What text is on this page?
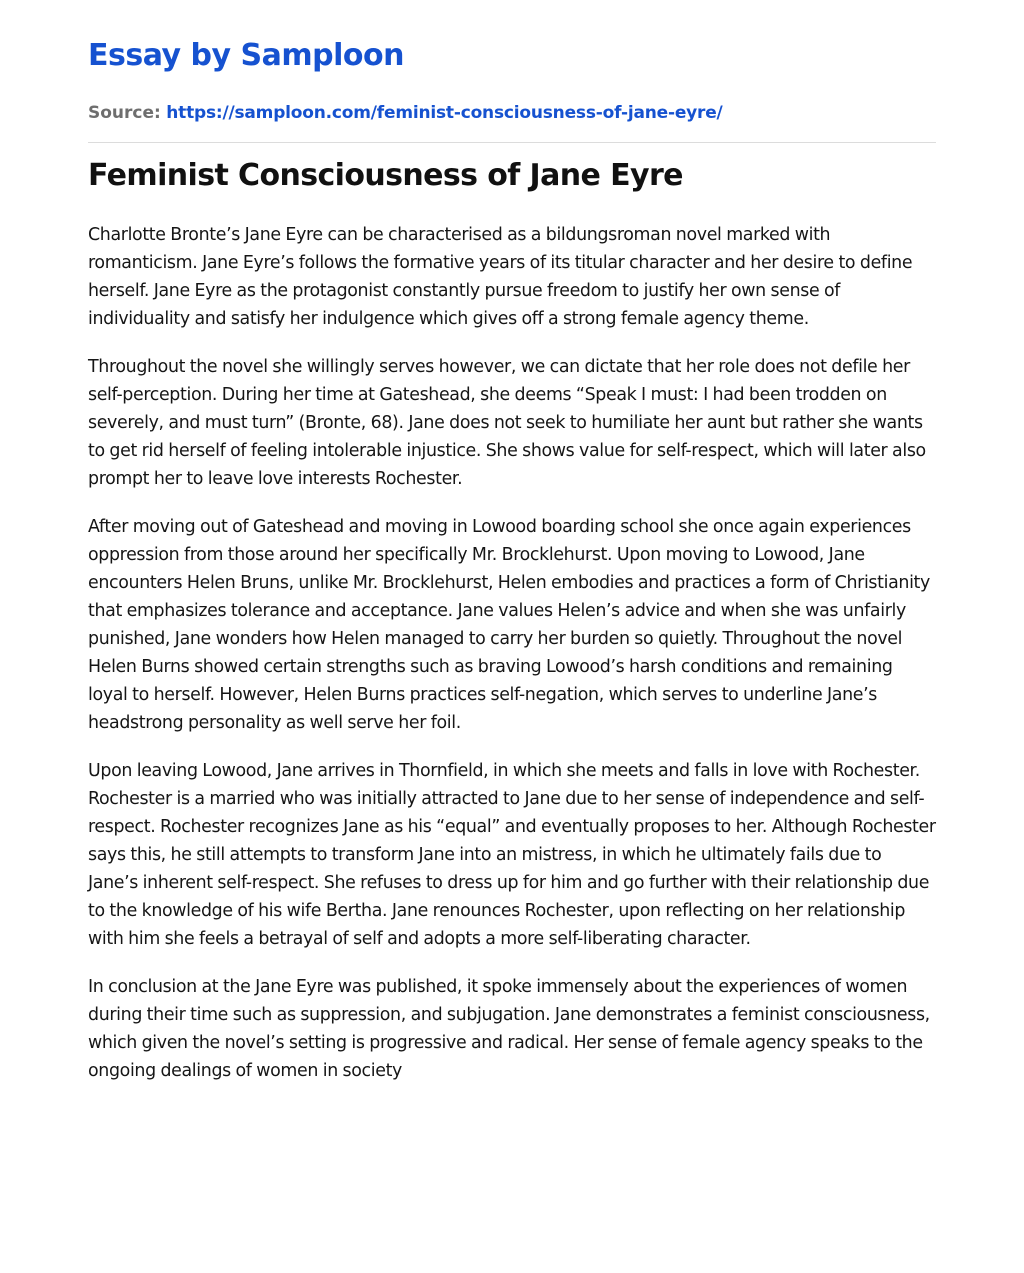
Essay by Samploon
Source: https://samploon.com/feminist-consciousness-of-jane-eyre/
Feminist Consciousness of Jane Eyre

Charlotte Bronte’s Jane Eyre can be characterised as a bildungsroman novel marked with romanticism. Jane Eyre’s follows the formative years of its titular character and her desire to define herself. Jane Eyre as the protagonist constantly pursue freedom to justify her own sense of individuality and satisfy her indulgence which gives off a strong female agency theme.

Throughout the novel she willingly serves however, we can dictate that her role does not defile her self-perception. During her time at Gateshead, she deems “Speak I must: I had been trodden on severely, and must turn” (Bronte, 68). Jane does not seek to humiliate her aunt but rather she wants to get rid herself of feeling intolerable injustice. She shows value for self-respect, which will later also prompt her to leave love interests Rochester.

After moving out of Gateshead and moving in Lowood boarding school she once again experiences oppression from those around her specifically Mr. Brocklehurst. Upon moving to Lowood, Jane encounters Helen Bruns, unlike Mr. Brocklehurst, Helen embodies and practices a form of Christianity that emphasizes tolerance and acceptance. Jane values Helen’s advice and when she was unfairly punished, Jane wonders how Helen managed to carry her burden so quietly. Throughout the novel Helen Burns showed certain strengths such as braving Lowood’s harsh conditions and remaining loyal to herself. However, Helen Burns practices self-negation, which serves to underline Jane’s headstrong personality as well serve her foil.

Upon leaving Lowood, Jane arrives in Thornfield, in which she meets and falls in love with Rochester. Rochester is a married who was initially attracted to Jane due to her sense of independence and self-respect. Rochester recognizes Jane as his “equal” and eventually proposes to her. Although Rochester says this, he still attempts to transform Jane into an mistress, in which he ultimately fails due to Jane’s inherent self-respect. She refuses to dress up for him and go further with their relationship due to the knowledge of his wife Bertha. Jane renounces Rochester, upon reflecting on her relationship with him she feels a betrayal of self and adopts a more self-liberating character.

In conclusion at the Jane Eyre was published, it spoke immensely about the experiences of women during their time such as suppression, and subjugation. Jane demonstrates a feminist consciousness, which given the novel’s setting is progressive and radical. Her sense of female agency speaks to the ongoing dealings of women in society
